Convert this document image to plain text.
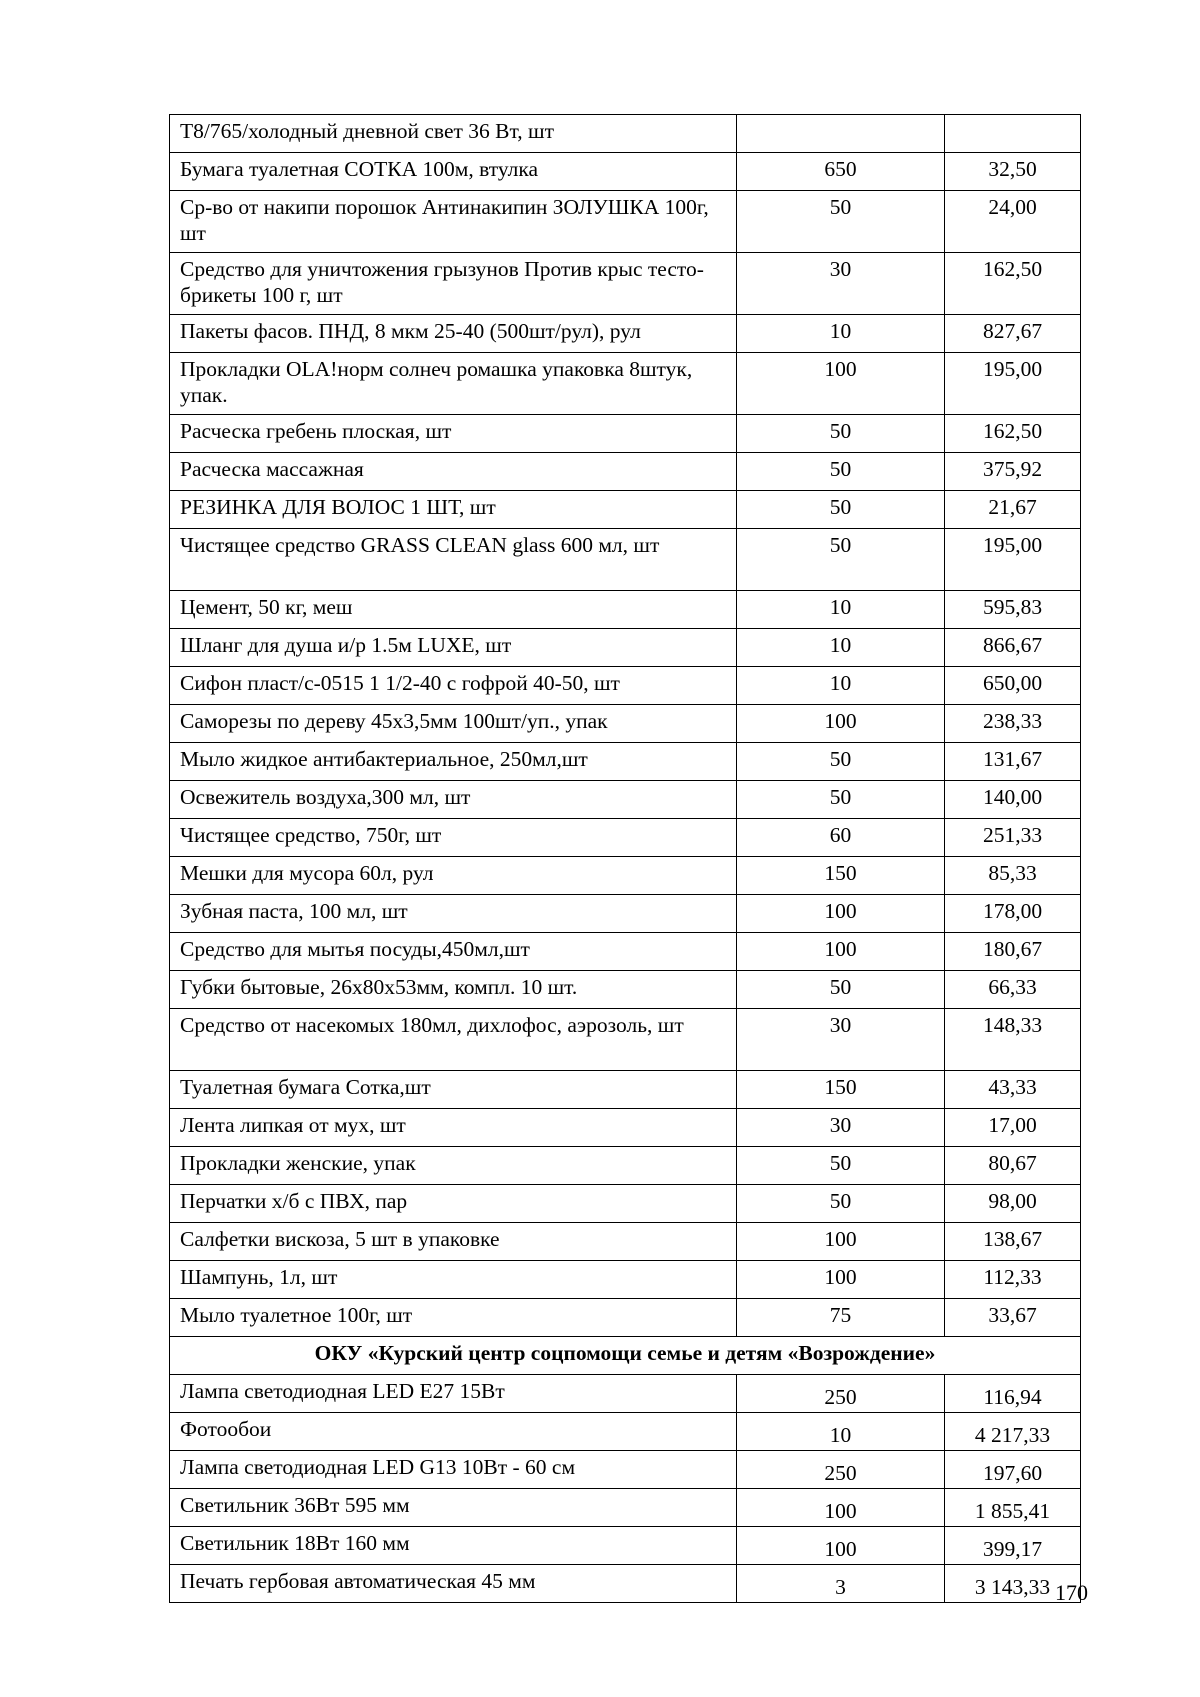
Т8/765/холодный дневной свет 36 Вт, шт		
Бумага туалетная СОТКА 100м, втулка	650	32,50
Ср-во от накипи порошок Антинакипин ЗОЛУШКА 100г, шт	50	24,00
Средство для уничтожения грызунов Против крыс тесто-брикеты 100 г, шт	30	162,50
Пакеты фасов. ПНД, 8 мкм 25-40 (500шт/рул), рул	10	827,67
Прокладки OLA!норм солнеч ромашка упаковка 8штук, упак.	100	195,00
Расческа гребень плоская, шт	50	162,50
Расческа массажная	50	375,92
РЕЗИНКА ДЛЯ ВОЛОС 1 ШТ, шт	50	21,67
Чистящее средство GRASS CLEAN glass 600 мл, шт	50	195,00
Цемент, 50 кг, меш	10	595,83
Шланг для душа и/р 1.5м LUXE, шт	10	866,67
Сифон пласт/с-0515 1 1/2-40 с гофрой 40-50, шт	10	650,00
Саморезы по дереву 45х3,5мм 100шт/уп., упак	100	238,33
Мыло жидкое антибактериальное, 250мл,шт	50	131,67
Освежитель воздуха,300 мл, шт	50	140,00
Чистящее средство, 750г, шт	60	251,33
Мешки для мусора 60л, рул	150	85,33
Зубная паста, 100 мл, шт	100	178,00
Средство для мытья посуды,450мл,шт	100	180,67
Губки бытовые, 26х80х53мм, компл. 10 шт.	50	66,33
Средство от насекомых 180мл, дихлофос, аэрозоль, шт	30	148,33
Туалетная бумага Сотка,шт	150	43,33
Лента липкая от мух, шт	30	17,00
Прокладки женские, упак	50	80,67
Перчатки х/б с ПВХ, пар	50	98,00
Салфетки вискоза, 5 шт в упаковке	100	138,67
Шампунь, 1л, шт	100	112,33
Мыло туалетное 100г, шт	75	33,67
ОКУ «Курский центр соцпомощи семье и детям «Возрождение»		
Лампа светодиодная LED E27 15Вт	250	116,94
Фотообои	10	4 217,33
Лампа светодиодная LED G13 10Вт - 60 см	250	197,60
Светильник 36Вт 595 мм	100	1 855,41
Светильник 18Вт 160 мм	100	399,17
Печать гербовая автоматическая 45 мм	3	3 143,33 170
